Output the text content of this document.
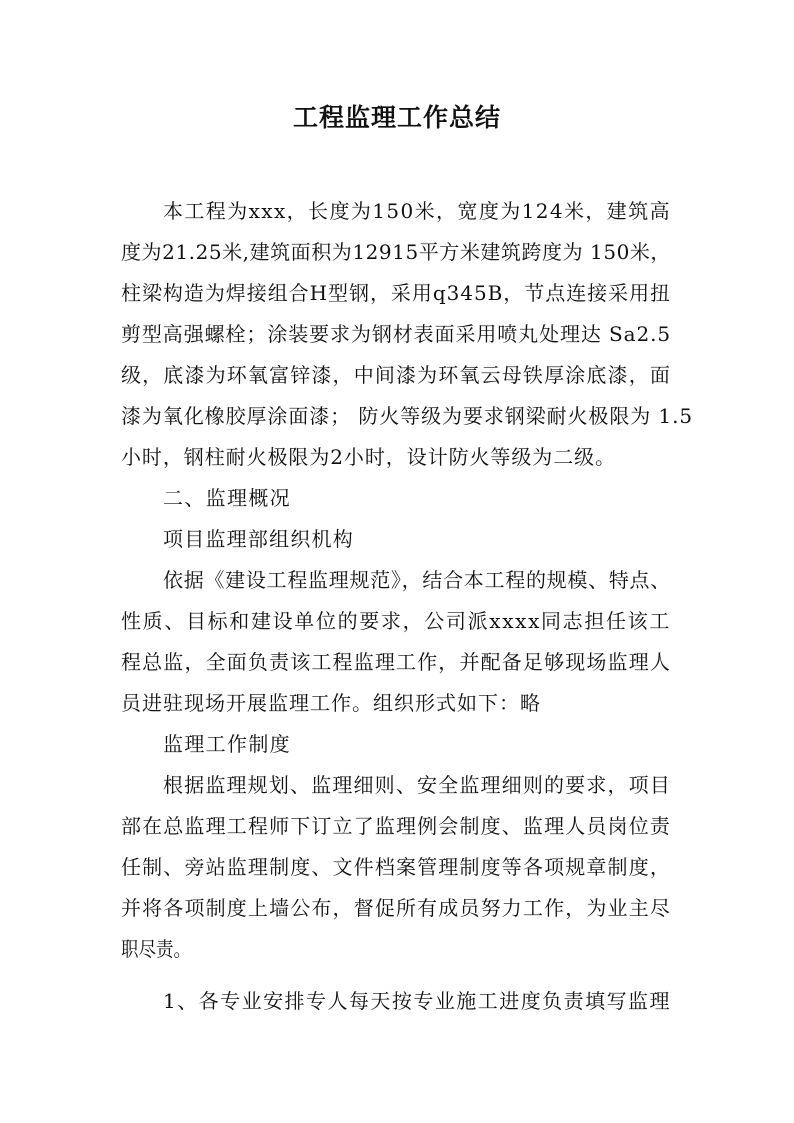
工程监理工作总结
本工程为xxx，长度为150米，宽度为124米，建筑高
度为21.25米,建筑面积为12915平方米建筑跨度为 150米，
柱梁构造为焊接组合H型钢，采用q345B，节点连接采用扭
剪型高强螺栓；涂装要求为钢材表面采用喷丸处理达 Sa2.5
级，底漆为环氧富锌漆，中间漆为环氧云母铁厚涂底漆，面
漆为氧化橡胶厚涂面漆； 防火等级为要求钢梁耐火极限为 1.5
小时，钢柱耐火极限为2小时，设计防火等级为二级。
二、监理概况
项目监理部组织机构
依据《建设工程监理规范》，结合本工程的规模、特点、
性质、目标和建设单位的要求，公司派xxxx同志担任该工
程总监，全面负责该工程监理工作，并配备足够现场监理人
员进驻现场开展监理工作。组织形式如下：略
监理工作制度
根据监理规划、监理细则、安全监理细则的要求，项目
部在总监理工程师下订立了监理例会制度、监理人员岗位责
任制、旁站监理制度、文件档案管理制度等各项规章制度，
并将各项制度上墙公布，督促所有成员努力工作，为业主尽
职尽责。
1、各专业安排专人每天按专业施工进度负责填写监理
